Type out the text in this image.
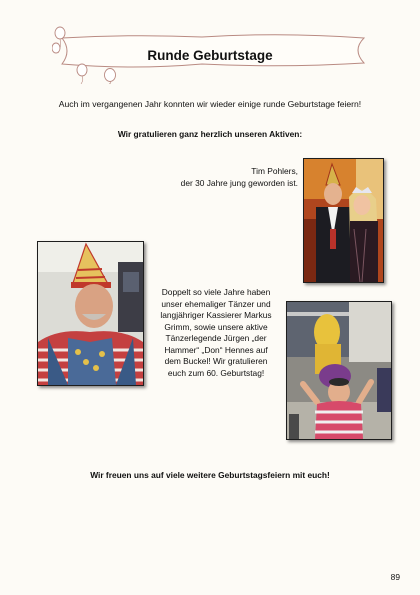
Runde Geburtstage
Auch im vergangenen Jahr konnten wir wieder einige runde Geburtstage feiern!
Wir gratulieren ganz herzlich unseren Aktiven:
Tim Pohlers,
der 30 Jahre jung geworden ist.
Doppelt so viele Jahre haben
unser ehemaliger Tänzer und
langjähriger Kassierer Markus
Grimm, sowie unsere aktive
Tänzerlegende Jürgen „der
Hammer“ „Don“ Hennes auf
dem Buckel! Wir gratulieren
euch zum 60. Geburtstag!
Wir freuen uns auf viele weitere Geburtstagsfeiern mit euch!
89
